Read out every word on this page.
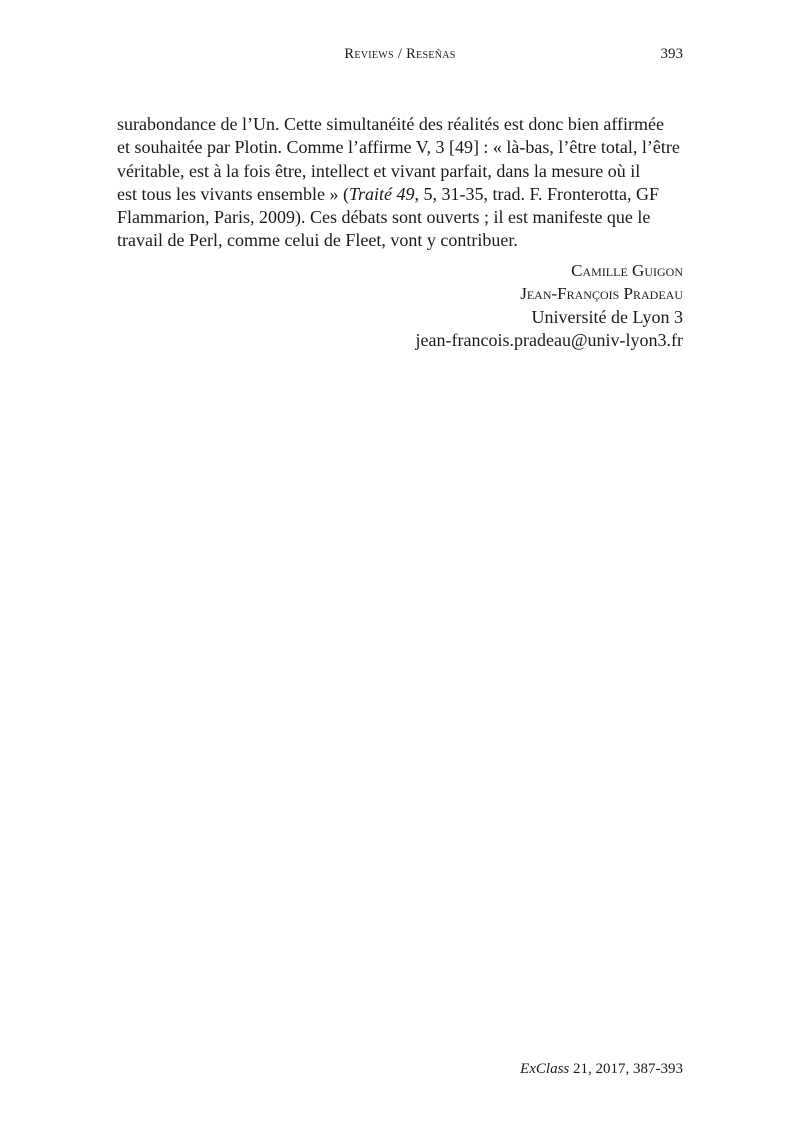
Reviews / Reseñas	393
surabondance de l’Un. Cette simultanéité des réalités est donc bien affirmée
et souhaitée par Plotin. Comme l’affirme V, 3 [49] : « là-bas, l’être total, l’être
véritable, est à la fois être, intellect et vivant parfait, dans la mesure où il
est tous les vivants ensemble » (Traité 49, 5, 31-35, trad. F. Fronterotta, GF
Flammarion, Paris, 2009). Ces débats sont ouverts ; il est manifeste que le
travail de Perl, comme celui de Fleet, vont y contribuer.
Camille Guigon
Jean-François Pradeau
Université de Lyon 3
jean-francois.pradeau@univ-lyon3.fr
ExClass 21, 2017, 387-393
